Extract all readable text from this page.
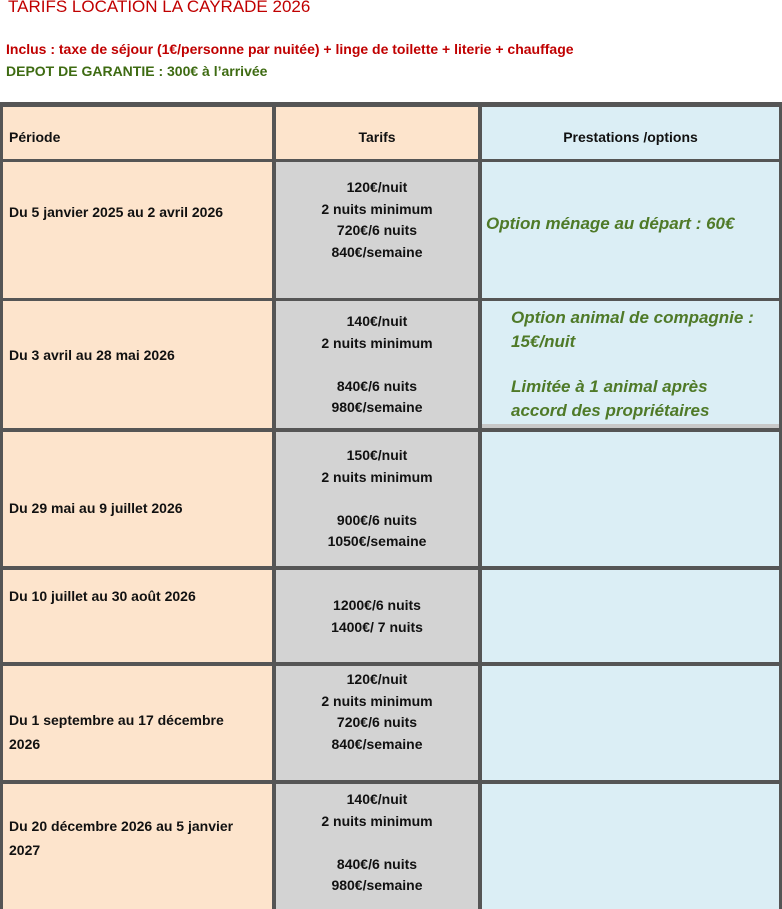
TARIFS LOCATION LA CAYRADE 2026
Inclus : taxe de séjour (1€/personne par nuitée) + linge de toilette + literie + chauffage
DEPOT DE GARANTIE : 300€ à l’arrivée
Période	Tarifs	Prestations /options
Du 5 janvier 2025 au 2 avril 2026
120€/nuit
2 nuits minimum
720€/6 nuits
840€/semaine
Option ménage au départ : 60€
Du 3 avril au 28 mai 2026
140€/nuit
2 nuits minimum
840€/6 nuits
980€/semaine
Option animal de compagnie :
15€/nuit
Limitée à 1 animal après
accord des propriétaires
Du 29 mai au 9 juillet 2026
150€/nuit
2 nuits minimum
900€/6 nuits
1050€/semaine
Du 10 juillet au 30 août 2026
1200€/6 nuits
1400€/ 7 nuits
Du 1 septembre au 17 décembre
2026
120€/nuit
2 nuits minimum
720€/6 nuits
840€/semaine
Du 20 décembre 2026 au 5 janvier
2027
140€/nuit
2 nuits minimum
840€/6 nuits
980€/semaine
